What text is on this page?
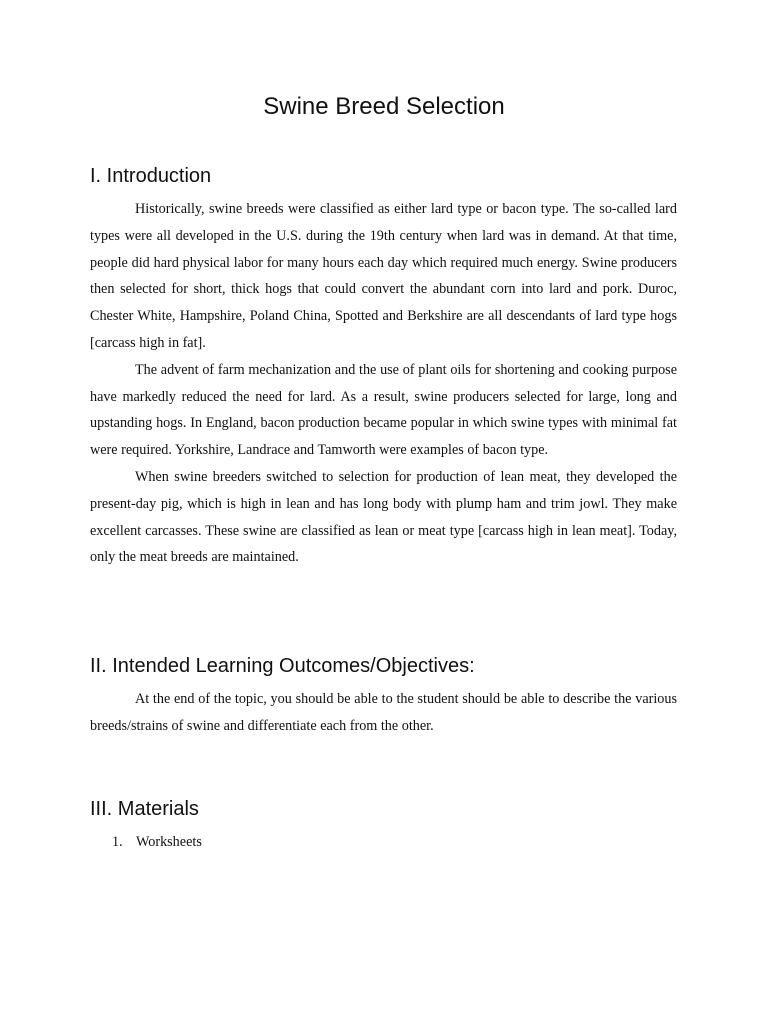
Swine Breed Selection
I. Introduction

Historically, swine breeds were classified as either lard type or bacon type. The so-called lard types were all developed in the U.S. during the 19th century when lard was in demand. At that time, people did hard physical labor for many hours each day which required much energy. Swine producers then selected for short, thick hogs that could convert the abundant corn into lard and pork. Duroc, Chester White, Hampshire, Poland China, Spotted and Berkshire are all descendants of lard type hogs [carcass high in fat].

The advent of farm mechanization and the use of plant oils for shortening and cooking purpose have markedly reduced the need for lard. As a result, swine producers selected for large, long and upstanding hogs. In England, bacon production became popular in which swine types with minimal fat were required. Yorkshire, Landrace and Tamworth were examples of bacon type.

When swine breeders switched to selection for production of lean meat, they developed the present-day pig, which is high in lean and has long body with plump ham and trim jowl. They make excellent carcasses. These swine are classified as lean or meat type [carcass high in lean meat]. Today, only the meat breeds are maintained.

II. Intended Learning Outcomes/Objectives:

At the end of the topic, you should be able to the student should be able to describe the various breeds/strains of swine and differentiate each from the other.

III. Materials
1. Worksheets
